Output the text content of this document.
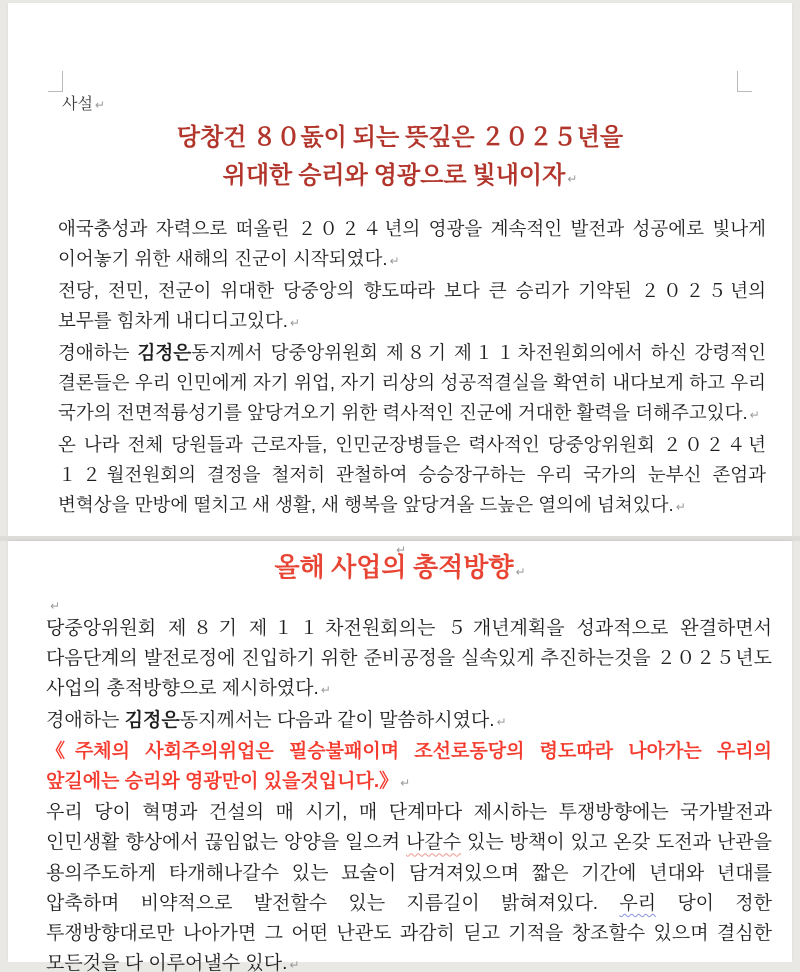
사설 ↵
당창건 ８０돐이 되는 뜻깊은 ２０２５년을
위대한 승리와 영광으로 빛내이자 ↵

애국충성과 자력으로 떠올린 ２０２４년의 영광을 계속적인 발전과 성공에로 빛나게 이어놓기 위한 새해의 진군이 시작되였다. ↵

전당, 전민, 전군이 위대한 당중앙의 향도따라 보다 큰 승리가 기약된 ２０２５년의 보무를 힘차게 내디디고있다. ↵

경애하는 김정은동지께서 당중앙위원회 제８기 제１１차전원회의에서 하신 강령적인 결론들은 우리 인민에게 자기 위업, 자기 리상의 성공적결실을 확연히 내다보게 하고 우리 국가의 전면적륭성기를 앞당겨오기 위한 력사적인 진군에 거대한 활력을 더해주고있다. ↵

온 나라 전체 당원들과 근로자들, 인민군장병들은 력사적인 당중앙위원회 ２０２４년 １２월전원회의 결정을 철저히 관철하여 승승장구하는 우리 국가의 눈부신 존엄과 변혁상을 만방에 떨치고 새 생활, 새 행복을 앞당겨올 드높은 열의에 넘쳐있다. ↵

↵
올해 사업의 총적방향 ↵
↵

당중앙위원회 제８기 제１１차전원회의는 ５개년계획을 성과적으로 완결하면서 다음단계의 발전로정에 진입하기 위한 준비공정을 실속있게 추진하는것을 ２０２５년도 사업의 총적방향으로 제시하였다. ↵

경애하는 김정은동지께서는 다음과 같이 말씀하시였다. ↵

《주체의 사회주의위업은 필승불패이며 조선로동당의 령도따라 나아가는 우리의 앞길에는 승리와 영광만이 있을것입니다.》 ↵

우리 당이 혁명과 건설의 매 시기, 매 단계마다 제시하는 투쟁방향에는 국가발전과 인민생활 향상에서 끊임없는 앙양을 일으켜 나갈수 있는 방책이 있고 온갖 도전과 난관을 용의주도하게 타개해나갈수 있는 묘술이 담겨져있으며 짧은 기간에 년대와 년대를 압축하며 비약적으로 발전할수 있는 지름길이 밝혀져있다. 우리 당이 정한 투쟁방향대로만 나아가면 그 어떤 난관도 과감히 딛고 기적을 창조할수 있으며 결심한 모든것을 다 이루어낼수 있다. ↵
